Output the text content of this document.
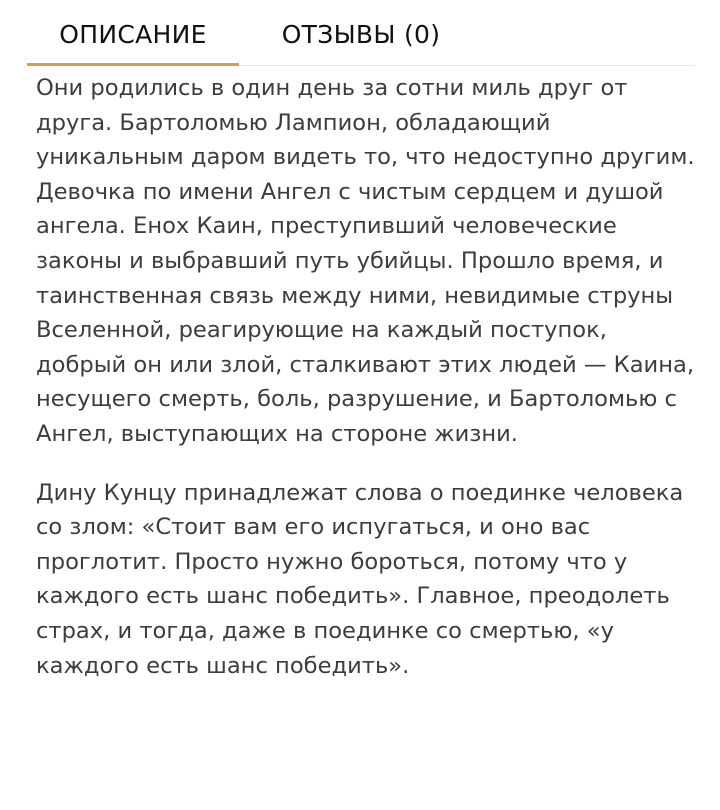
ОПИСАНИЕ	ОТЗЫВЫ (0)

Они родились в один день за сотни миль друг от друга. Бартоломью Лампион, обладающий уникальным даром видеть то, что недоступно другим. Девочка по имени Ангел с чистым сердцем и душой ангела. Енох Каин, преступивший человеческие законы и выбравший путь убийцы. Прошло время, и таинственная связь между ними, невидимые струны Вселенной, реагирующие на каждый поступок, добрый он или злой, сталкивают этих людей — Каина, несущего смерть, боль, разрушение, и Бартоломью с Ангел, выступающих на стороне жизни.

Дину Кунцу принадлежат слова о поединке человека со злом: «Стоит вам его испугаться, и оно вас проглотит. Просто нужно бороться, потому что у каждого есть шанс победить». Главное, преодолеть страх, и тогда, даже в поединке со смертью, «у каждого есть шанс победить».
